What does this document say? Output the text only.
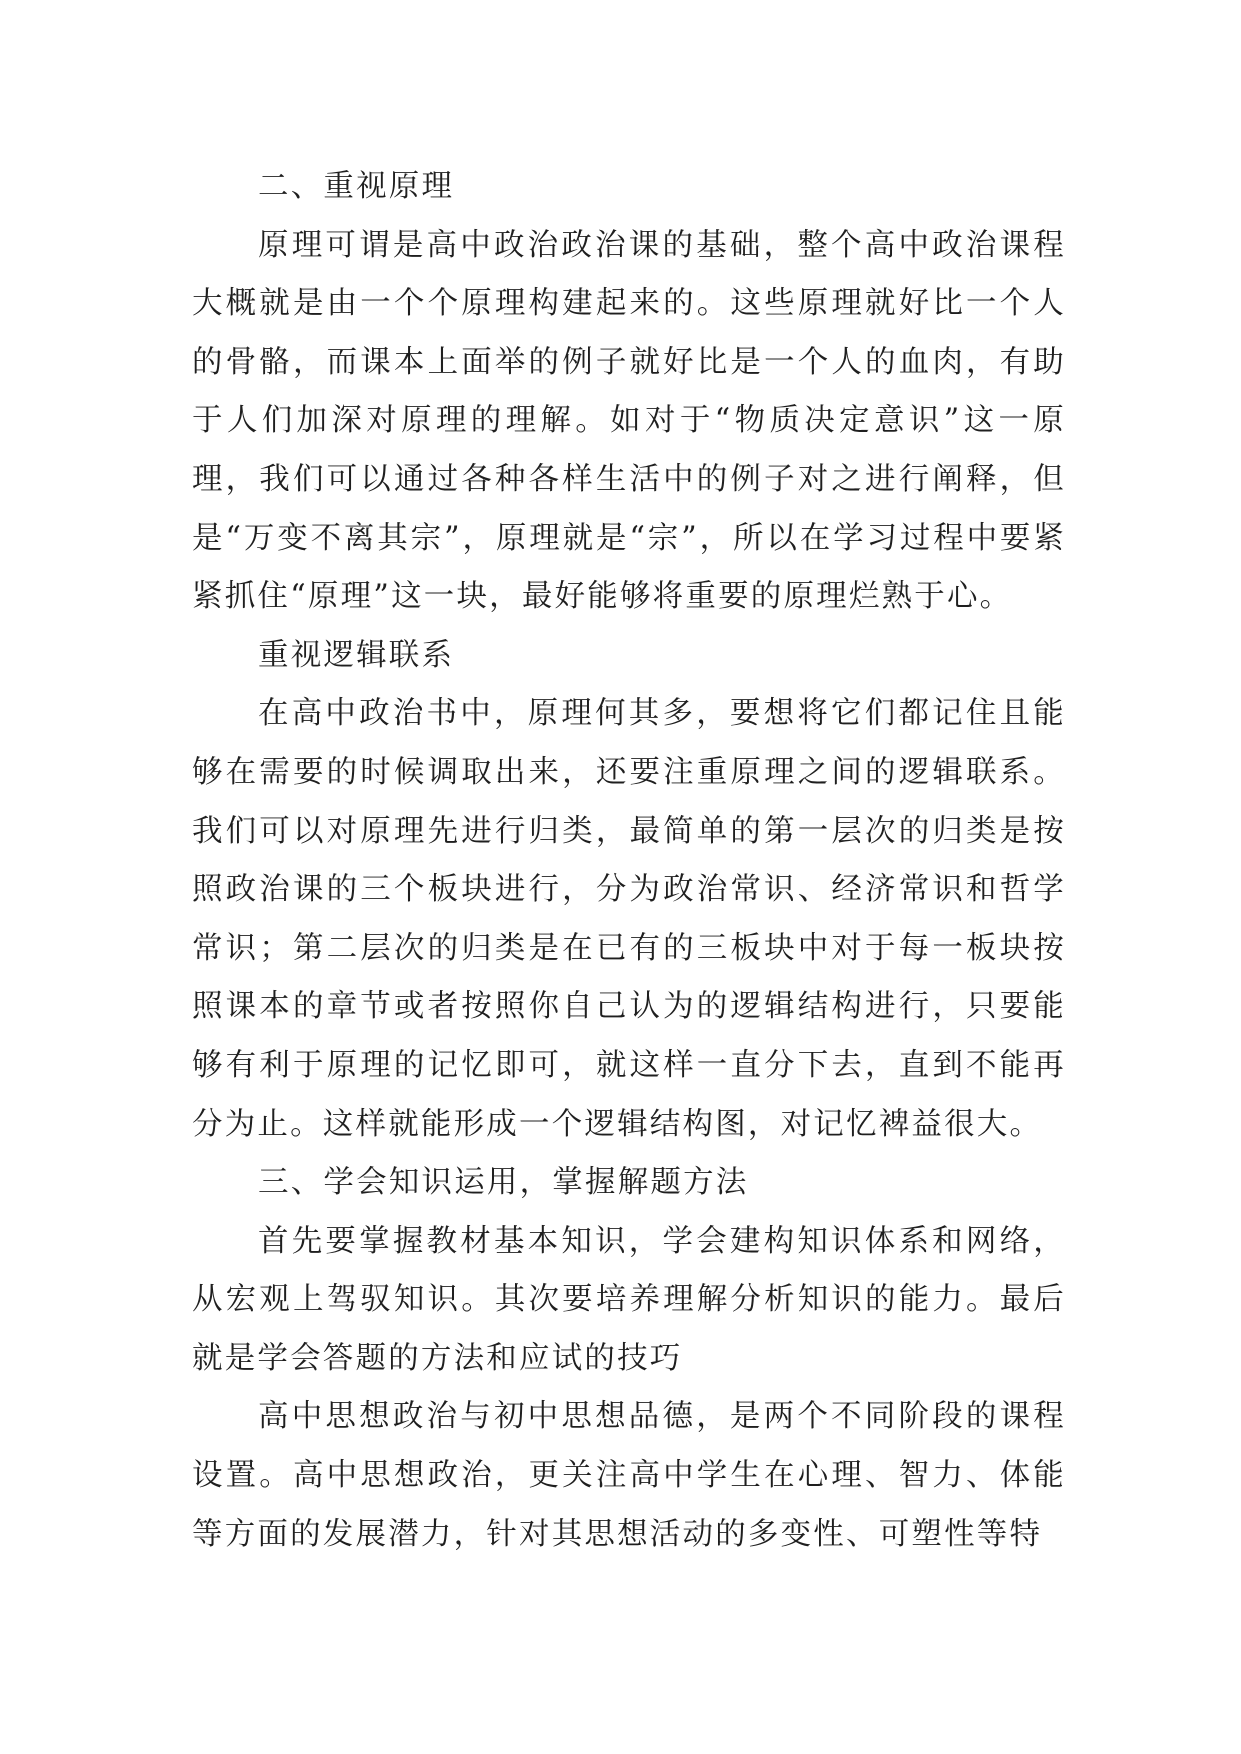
二、重视原理

原理可谓是高中政治政治课的基础，整个高中政治课程大概就是由一个个原理构建起来的。这些原理就好比一个人的骨骼，而课本上面举的例子就好比是一个人的血肉，有助于人们加深对原理的理解。如对于“物质决定意识”这一原理，我们可以通过各种各样生活中的例子对之进行阐释，但是“万变不离其宗”，原理就是“宗”，所以在学习过程中要紧紧抓住“原理”这一块，最好能够将重要的原理烂熟于心。

重视逻辑联系

在高中政治书中，原理何其多，要想将它们都记住且能够在需要的时候调取出来，还要注重原理之间的逻辑联系。我们可以对原理先进行归类，最简单的第一层次的归类是按照政治课的三个板块进行，分为政治常识、经济常识和哲学常识；第二层次的归类是在已有的三板块中对于每一板块按照课本的章节或者按照你自己认为的逻辑结构进行，只要能够有利于原理的记忆即可，就这样一直分下去，直到不能再分为止。这样就能形成一个逻辑结构图，对记忆裨益很大。

三、学会知识运用，掌握解题方法

首先要掌握教材基本知识，学会建构知识体系和网络，从宏观上驾驭知识。其次要培养理解分析知识的能力。最后就是学会答题的方法和应试的技巧

高中思想政治与初中思想品德，是两个不同阶段的课程设置。高中思想政治，更关注高中学生在心理、智力、体能等方面的发展潜力，针对其思想活动的多变性、可塑性等特
